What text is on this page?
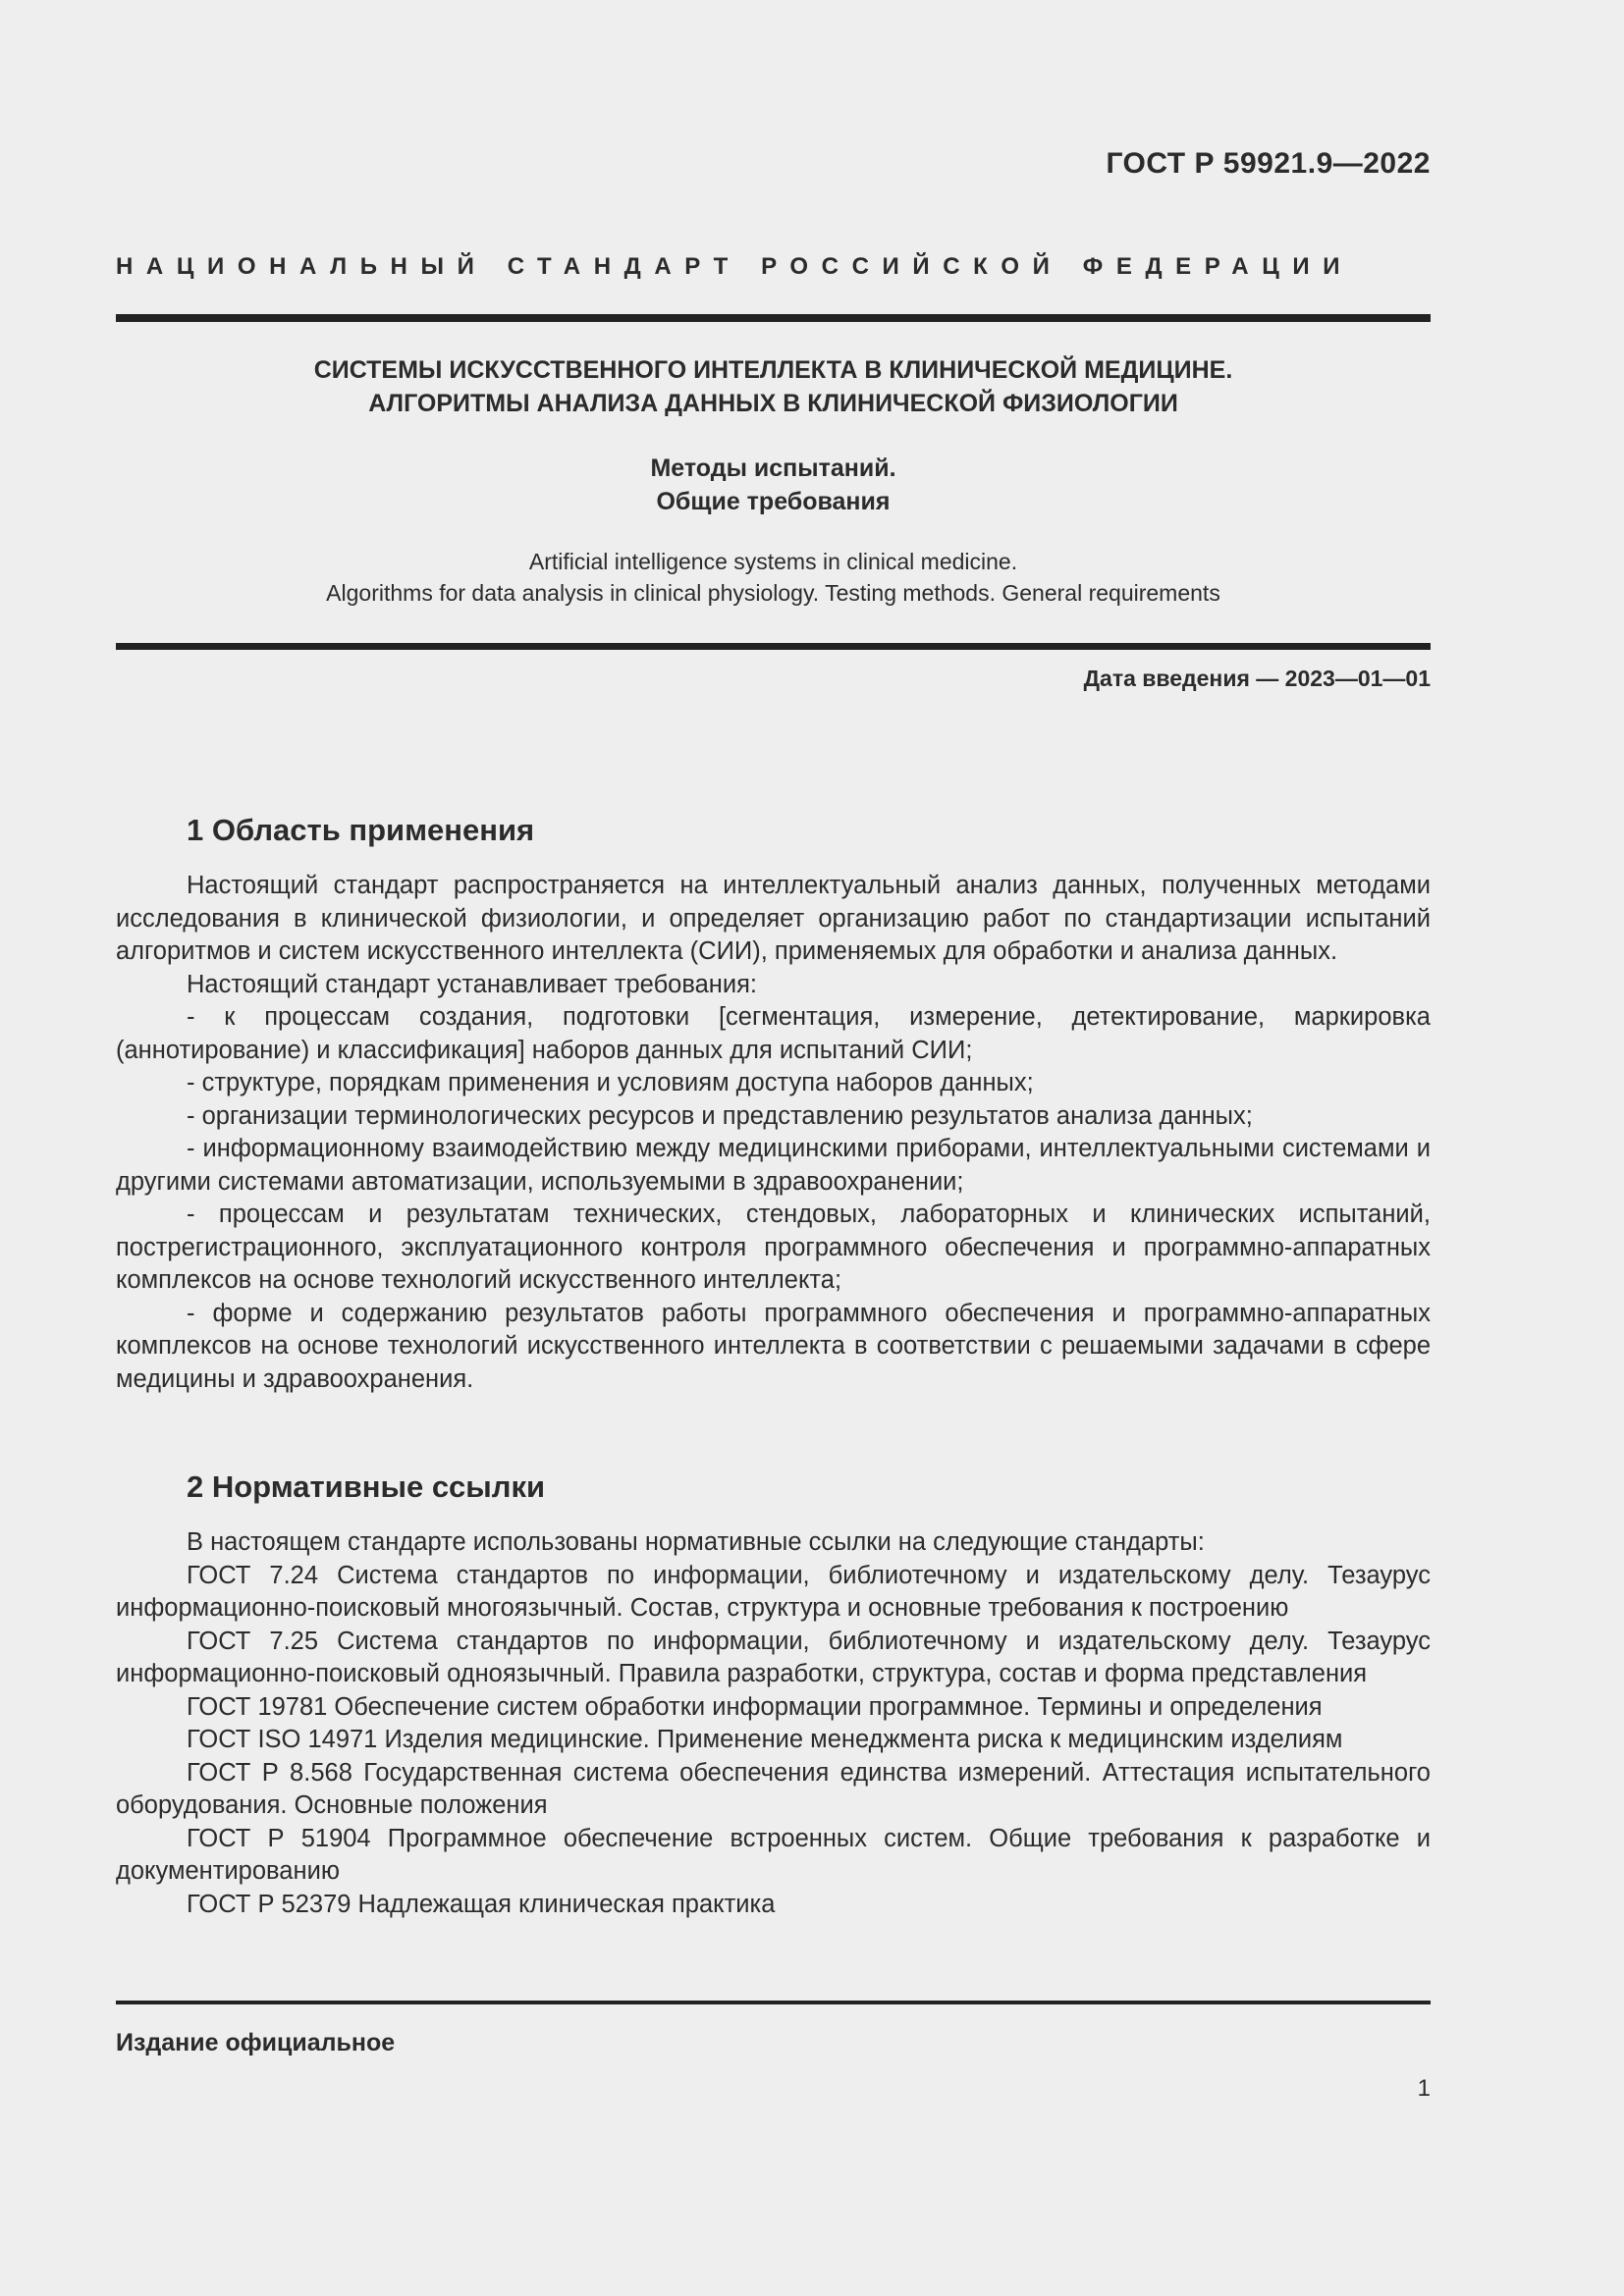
ГОСТ Р 59921.9—2022
НАЦИОНАЛЬНЫЙ СТАНДАРТ РОССИЙСКОЙ ФЕДЕРАЦИИ
СИСТЕМЫ ИСКУССТВЕННОГО ИНТЕЛЛЕКТА В КЛИНИЧЕСКОЙ МЕДИЦИНЕ.
АЛГОРИТМЫ АНАЛИЗА ДАННЫХ В КЛИНИЧЕСКОЙ ФИЗИОЛОГИИ
Методы испытаний.
Общие требования
Artificial intelligence systems in clinical medicine.
Algorithms for data analysis in clinical physiology. Testing methods. General requirements
Дата введения — 2023—01—01
1 Область применения

Настоящий стандарт распространяется на интеллектуальный анализ данных, полученных методами исследования в клинической физиологии, и определяет организацию работ по стандартизации испытаний алгоритмов и систем искусственного интеллекта (СИИ), применяемых для обработки и анализа данных.

Настоящий стандарт устанавливает требования:

- к процессам создания, подготовки [сегментация, измерение, детектирование, маркировка (аннотирование) и классификация] наборов данных для испытаний СИИ;

- структуре, порядкам применения и условиям доступа наборов данных;

- организации терминологических ресурсов и представлению результатов анализа данных;

- информационному взаимодействию между медицинскими приборами, интеллектуальными системами и другими системами автоматизации, используемыми в здравоохранении;

- процессам и результатам технических, стендовых, лабораторных и клинических испытаний, пострегистрационного, эксплуатационного контроля программного обеспечения и программно-аппаратных комплексов на основе технологий искусственного интеллекта;

- форме и содержанию результатов работы программного обеспечения и программно-аппаратных комплексов на основе технологий искусственного интеллекта в соответствии с решаемыми задачами в сфере медицины и здравоохранения.

2 Нормативные ссылки

В настоящем стандарте использованы нормативные ссылки на следующие стандарты:

ГОСТ 7.24 Система стандартов по информации, библиотечному и издательскому делу. Тезаурус информационно-поисковый многоязычный. Состав, структура и основные требования к построению

ГОСТ 7.25 Система стандартов по информации, библиотечному и издательскому делу. Тезаурус информационно-поисковый одноязычный. Правила разработки, структура, состав и форма представления

ГОСТ 19781 Обеспечение систем обработки информации программное. Термины и определения

ГОСТ ISO 14971 Изделия медицинские. Применение менеджмента риска к медицинским изделиям

ГОСТ Р 8.568 Государственная система обеспечения единства измерений. Аттестация испытательного оборудования. Основные положения

ГОСТ Р 51904 Программное обеспечение встроенных систем. Общие требования к разработке и документированию

ГОСТ Р 52379 Надлежащая клиническая практика

Издание официальное
1
